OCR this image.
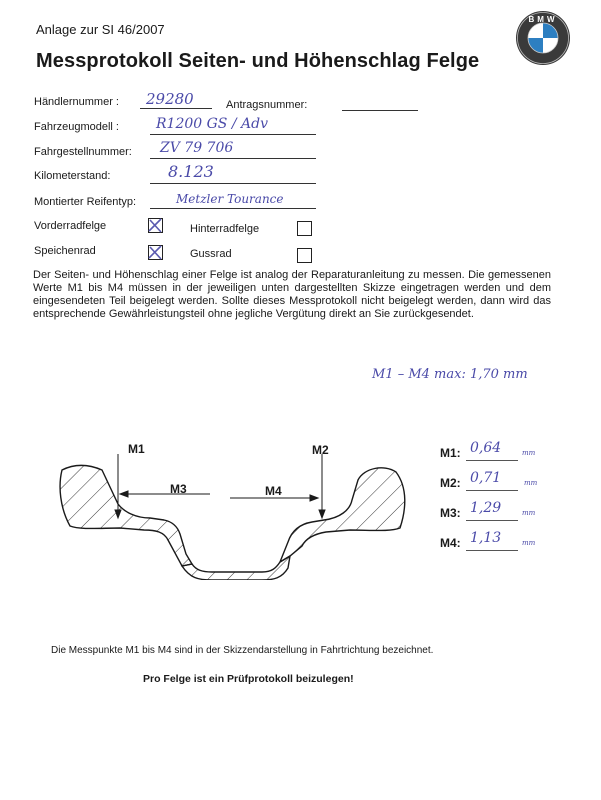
Anlage zur SI 46/2007
Messprotokoll Seiten- und Höhenschlag Felge
BMW
Händlernummer : 29280	Antragsnummer:
Fahrzeugmodell :	R1200 GS / Adv
Fahrgestellnummer: ZV 79 706
Kilometerstand:	8.123
Montierter Reifentyp:	Metzler Tourance
Vorderradfelge	Hinterradfelge
Speichenrad	Gussrad
Der Seiten- und Höhenschlag einer Felge ist analog der Reparaturanleitung zu messen. Die gemessenen Werte M1 bis M4 müssen in der jeweiligen unten dargestellten Skizze eingetragen werden und dem eingesendeten Teil beigelegt werden. Sollte dieses Messprotokoll nicht beigelegt werden, dann wird das entsprechende Gewährleistungsteil ohne jegliche Vergütung direkt an Sie zurückgesendet.
M1 – M4 max: 1,70 mm
M1	M2
M3	M4
M1: 0,64	mm
M2: 0,71	mm
M3: 1,29	mm
M4: 1,13	mm
Die Messpunkte M1 bis M4 sind in der Skizzendarstellung in Fahrtrichtung bezeichnet.
Pro Felge ist ein Prüfprotokoll beizulegen!
